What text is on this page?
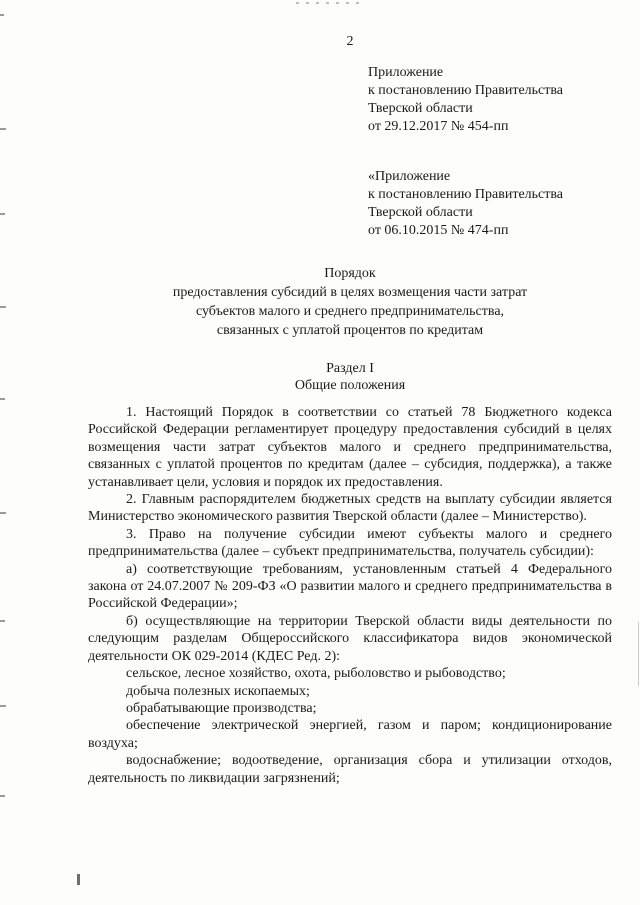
2
Приложение
к постановлению Правительства
Тверской области
от 29.12.2017 № 454-пп
«Приложение
к постановлению Правительства
Тверской области
от 06.10.2015 № 474-пп
Порядок
предоставления субсидий в целях возмещения части затрат
субъектов малого и среднего предпринимательства,
связанных с уплатой процентов по кредитам
Раздел I
Общие положения

1. Настоящий Порядок в соответствии со статьей 78 Бюджетного кодекса Российской Федерации регламентирует процедуру предоставления субсидий в целях возмещения части затрат субъектов малого и среднего предпринимательства, связанных с уплатой процентов по кредитам (далее – субсидия, поддержка), а также устанавливает цели, условия и порядок их предоставления.

2. Главным распорядителем бюджетных средств на выплату субсидии является Министерство экономического развития Тверской области (далее – Министерство).

3. Право на получение субсидии имеют субъекты малого и среднего предпринимательства (далее – субъект предпринимательства, получатель субсидии):

а) соответствующие требованиям, установленным статьей 4 Федерального закона от 24.07.2007 № 209-ФЗ «О развитии малого и среднего предпринимательства в Российской Федерации»;

б) осуществляющие на территории Тверской области виды деятельности по следующим разделам Общероссийского классификатора видов экономической деятельности ОК 029-2014 (КДЕС Ред. 2):

сельское, лесное хозяйство, охота, рыболовство и рыбоводство;

добыча полезных ископаемых;

обрабатывающие производства;

обеспечение электрической энергией, газом и паром; кондиционирование воздуха;

водоснабжение; водоотведение, организация сбора и утилизации отходов, деятельность по ликвидации загрязнений;
